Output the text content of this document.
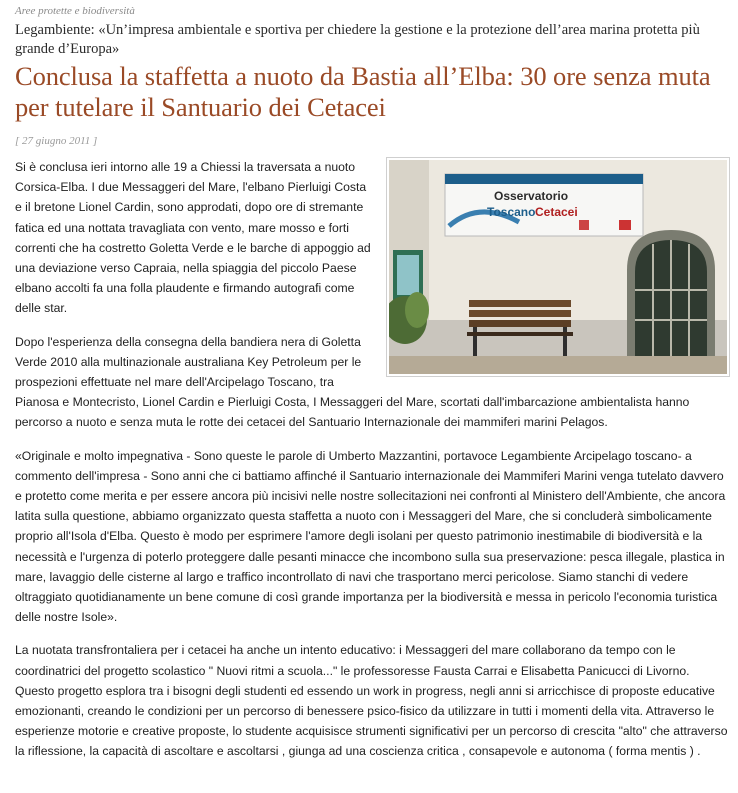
Aree protette e biodiversità
Legambiente: «Un’impresa ambientale e sportiva per chiedere la gestione e la protezione dell’area marina protetta più grande d’Europa»
Conclusa la staffetta a nuoto da Bastia all’Elba: 30 ore senza muta per tutelare il Santuario dei Cetacei
[ 27 giugno 2011 ]
Osservatorio
Toscano Cetacei

Si è conclusa ieri intorno alle 19 a Chiessi la traversata a nuoto Corsica-Elba. I due Messaggeri del Mare, l'elbano Pierluigi Costa e il bretone Lionel Cardin, sono approdati, dopo ore di stremante fatica ed una nottata travagliata con vento, mare mosso e forti correnti che ha costretto Goletta Verde e le barche di appoggio ad una deviazione verso Capraia, nella spiaggia del piccolo Paese elbano accolti fa una folla plaudente e firmando autografi come delle star.

Dopo l'esperienza della consegna della bandiera nera di Goletta Verde 2010 alla multinazionale australiana Key Petroleum per le prospezioni effettuate nel mare dell'Arcipelago Toscano, tra Pianosa e Montecristo, Lionel Cardin e Pierluigi Costa, I Messaggeri del Mare, scortati dall'imbarcazione ambientalista hanno percorso a nuoto e senza muta le rotte dei cetacei del Santuario Internazionale dei mammiferi marini Pelagos.

«Originale e molto impegnativa - Sono queste le parole di Umberto Mazzantini, portavoce Legambiente Arcipelago toscano- a commento dell'impresa - Sono anni che ci battiamo affinché il Santuario internazionale dei Mammiferi Marini venga tutelato davvero e protetto come merita e per essere ancora più incisivi nelle nostre sollecitazioni nei confronti al Ministero dell'Ambiente, che ancora latita sulla questione, abbiamo organizzato questa staffetta a nuoto con i Messaggeri del Mare, che si concluderà simbolicamente proprio all'Isola d'Elba. Questo è modo per esprimere l'amore degli isolani per questo patrimonio inestimabile di biodiversità e la necessità e l'urgenza di poterlo proteggere dalle pesanti minacce che incombono sulla sua preservazione: pesca illegale, plastica in mare, lavaggio delle cisterne al largo e traffico incontrollato di navi che trasportano merci pericolose. Siamo stanchi di vedere oltraggiato quotidianamente un bene comune di così grande importanza per la biodiversità e messa in pericolo l'economia turistica delle nostre Isole».

La nuotata transfrontaliera per i cetacei ha anche un intento educativo: i Messaggeri del mare collaborano da tempo con le coordinatrici del progetto scolastico " Nuovi ritmi a scuola..." le professoresse Fausta Carrai e Elisabetta Panicucci di Livorno. Questo progetto esplora tra i bisogni degli studenti ed essendo un work in progress, negli anni si arricchisce di proposte educative emozionanti, creando le condizioni per un percorso di benessere psico-fisico da utilizzare in tutti i momenti della vita. Attraverso le esperienze motorie e creative proposte, lo studente acquisisce strumenti significativi per un percorso di crescita "alto" che attraverso la riflessione, la capacità di ascoltare e ascoltarsi , giunga ad una coscienza critica , consapevole e autonoma ( forma mentis ) .
